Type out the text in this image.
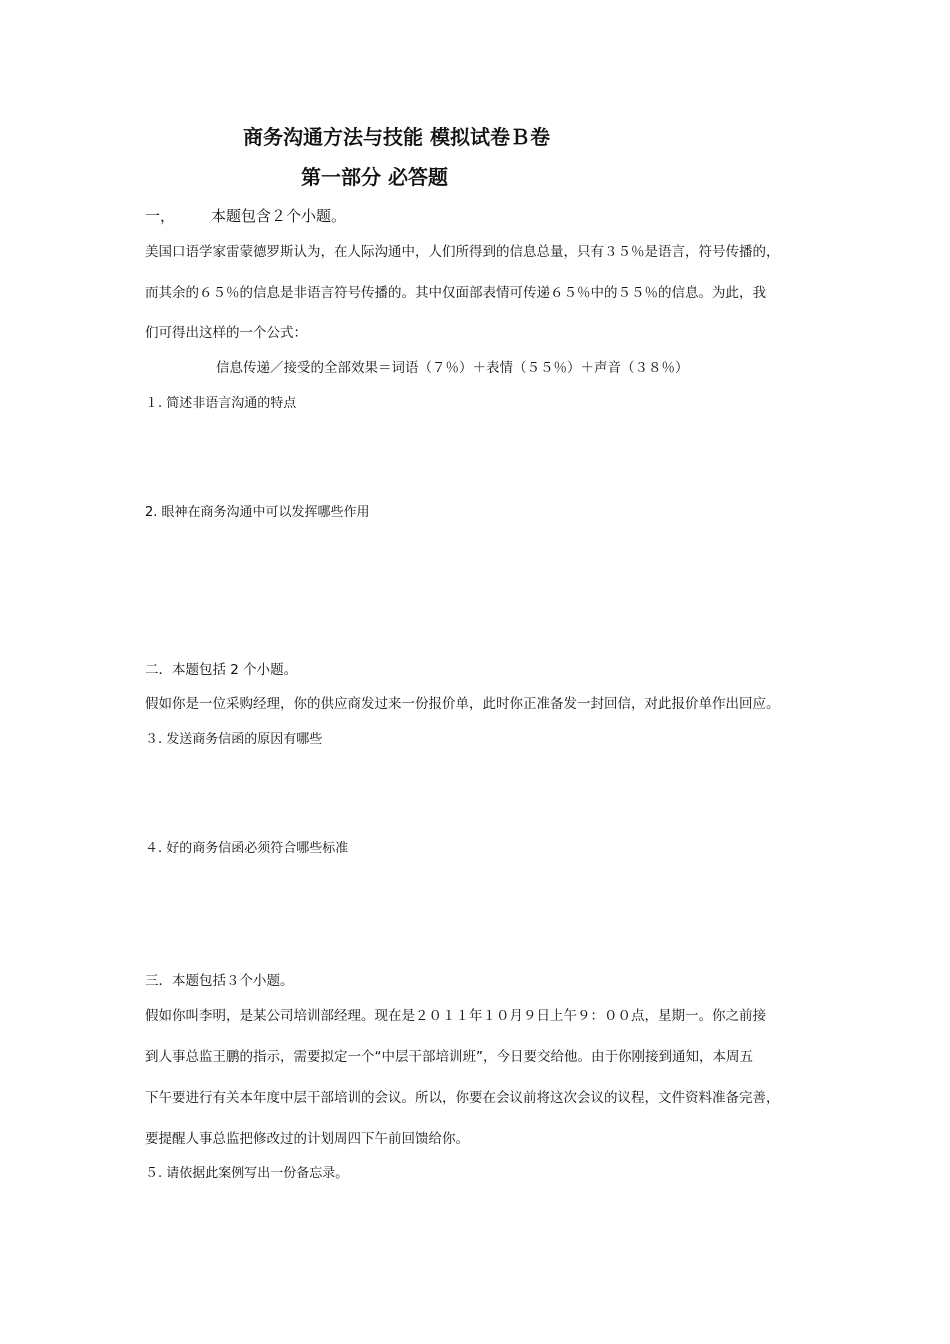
商务沟通方法与技能 模拟试卷Ｂ卷
第一部分 必答题
一， 本题包含２个小题。
美国口语学家雷蒙德罗斯认为，在人际沟通中，人们所得到的信息总量，只有３５％是语言，符号传播的，
而其余的６５％的信息是非语言符号传播的。其中仅面部表情可传递６５％中的５５％的信息。为此，我
们可得出这样的一个公式：
信息传递／接受的全部效果＝词语（７％）＋表情（５５％）＋声音（３８％）
１. 简述非语言沟通的特点
2. 眼神在商务沟通中可以发挥哪些作用
二．本题包括 2 个小题。
假如你是一位采购经理，你的供应商发过来一份报价单，此时你正准备发一封回信，对此报价单作出回应。
３. 发送商务信函的原因有哪些
４. 好的商务信函必须符合哪些标准
三．本题包括３个小题。
假如你叫李明，是某公司培训部经理。现在是２０１１年１０月９日上午９：００点，星期一。你之前接
到人事总监王鹏的指示，需要拟定一个“中层干部培训班”，今日要交给他。由于你刚接到通知，本周五
下午要进行有关本年度中层干部培训的会议。所以，你要在会议前将这次会议的议程，文件资料准备完善，
要提醒人事总监把修改过的计划周四下午前回馈给你。
５. 请依据此案例写出一份备忘录。
